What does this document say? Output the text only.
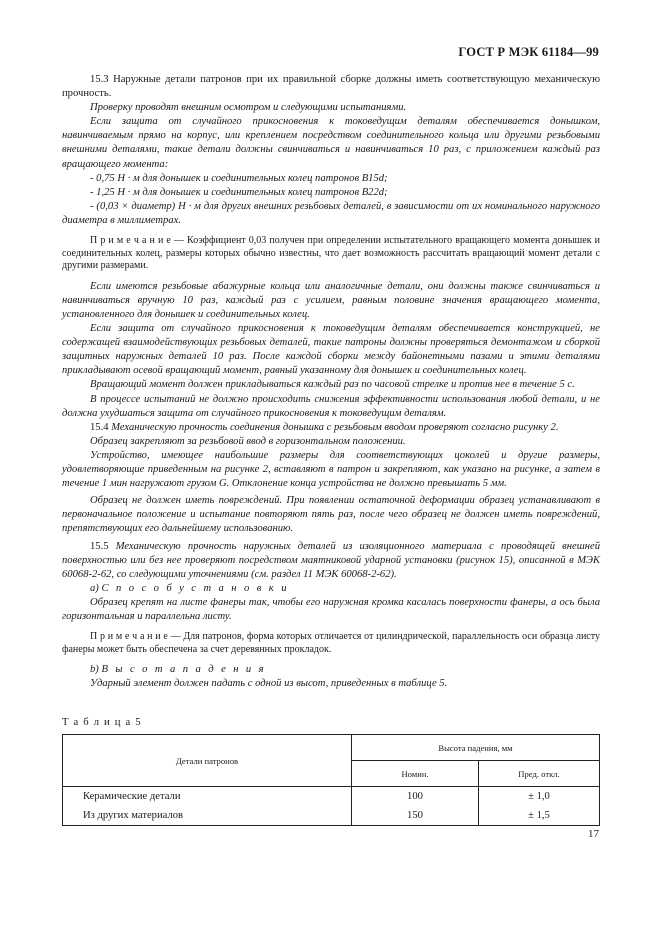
ГОСТ Р МЭК 61184—99

15.3 Наружные детали патронов при их правильной сборке должны иметь соответствующую механическую прочность.

Проверку проводят внешним осмотром и следующими испытаниями.

Если защита от случайного прикосновения к токоведущим деталям обеспечивается донышком, навинчиваемым прямо на корпус, или креплением посредством соединительного кольца или другими резьбовыми внешними деталями, такие детали должны свинчиваться и навинчиваться 10 раз, с приложением каждый раз вращающего момента:

- 0,75 Н · м для донышек и соединительных колец патронов B15d;

- 1,25 Н · м для донышек и соединительных колец патронов B22d;

- (0,03 × диаметр) Н · м для других внешних резьбовых деталей, в зависимости от их номинального наружного диаметра в миллиметрах.

П р и м е ч а н и е — Коэффициент 0,03 получен при определении испытательного вращающего момента донышек и соединительных колец, размеры которых обычно известны, что дает возможность рассчитать вращающий момент детали с другими размерами.

Если имеются резьбовые абажурные кольца или аналогичные детали, они должны также свинчиваться и навинчиваться вручную 10 раз, каждый раз с усилием, равным половине значения вращающего момента, установленного для донышек и соединительных колец.

Если защита от случайного прикосновения к токоведущим деталям обеспечивается конструкцией, не содержащей взаимодействующих резьбовых деталей, такие патроны должны проверяться демонтажом и сборкой защитных наружных деталей 10 раз. После каждой сборки между байонетными пазами и этими деталями прикладывают осевой вращающий момент, равный указанному для донышек и соединительных колец.

Вращающий момент должен прикладываться каждый раз по часовой стрелке и против нее в течение 5 с.

В процессе испытаний не должно происходить снижения эффективности использования любой детали, и не должна ухудшаться защита от случайного прикосновения к токоведущим деталям.

15.4 Механическую прочность соединения донышка с резьбовым вводом проверяют согласно рисунку 2.

Образец закрепляют за резьбовой ввод в горизонтальном положении.

Устройство, имеющее наибольшие размеры для соответствующих цоколей и другие размеры, удовлетворяющие приведенным на рисунке 2, вставляют в патрон и закрепляют, как указано на рисунке, а затем в течение 1 мин нагружают грузом G. Отклонение конца устройства не должно превышать 5 мм.

Образец не должен иметь повреждений. При появлении остаточной деформации образец устанавливают в первоначальное положение и испытание повторяют пять раз, после чего образец не должен иметь повреждений, препятствующих его дальнейшему использованию.

15.5 Механическую прочность наружных деталей из изоляционного материала с проводящей внешней поверхностью или без нее проверяют посредством маятниковой ударной установки (рисунок 15), описанной в МЭК 60068-2-62, со следующими уточнениями (см. раздел 11 МЭК 60068-2-62).

а) С п о с о б у с т а н о в к и

Образец крепят на листе фанеры так, чтобы его наружная кромка касалась поверхности фанеры, а ось была горизонтальная и параллельна листу.

П р и м е ч а н и е — Для патронов, форма которых отличается от цилиндрической, параллельность оси образца листу фанеры может быть обеспечена за счет деревянных прокладок.

b) В ы с о т а п а д е н и я

Ударный элемент должен падать с одной из высот, приведенных в таблице 5.

Т а б л и ц а 5
Детали патронов	Высота падения, мм	
	Номин.	Пред. откл.
Керамические детали	100	± 1,0
Из других материалов	150	± 1,5
17
